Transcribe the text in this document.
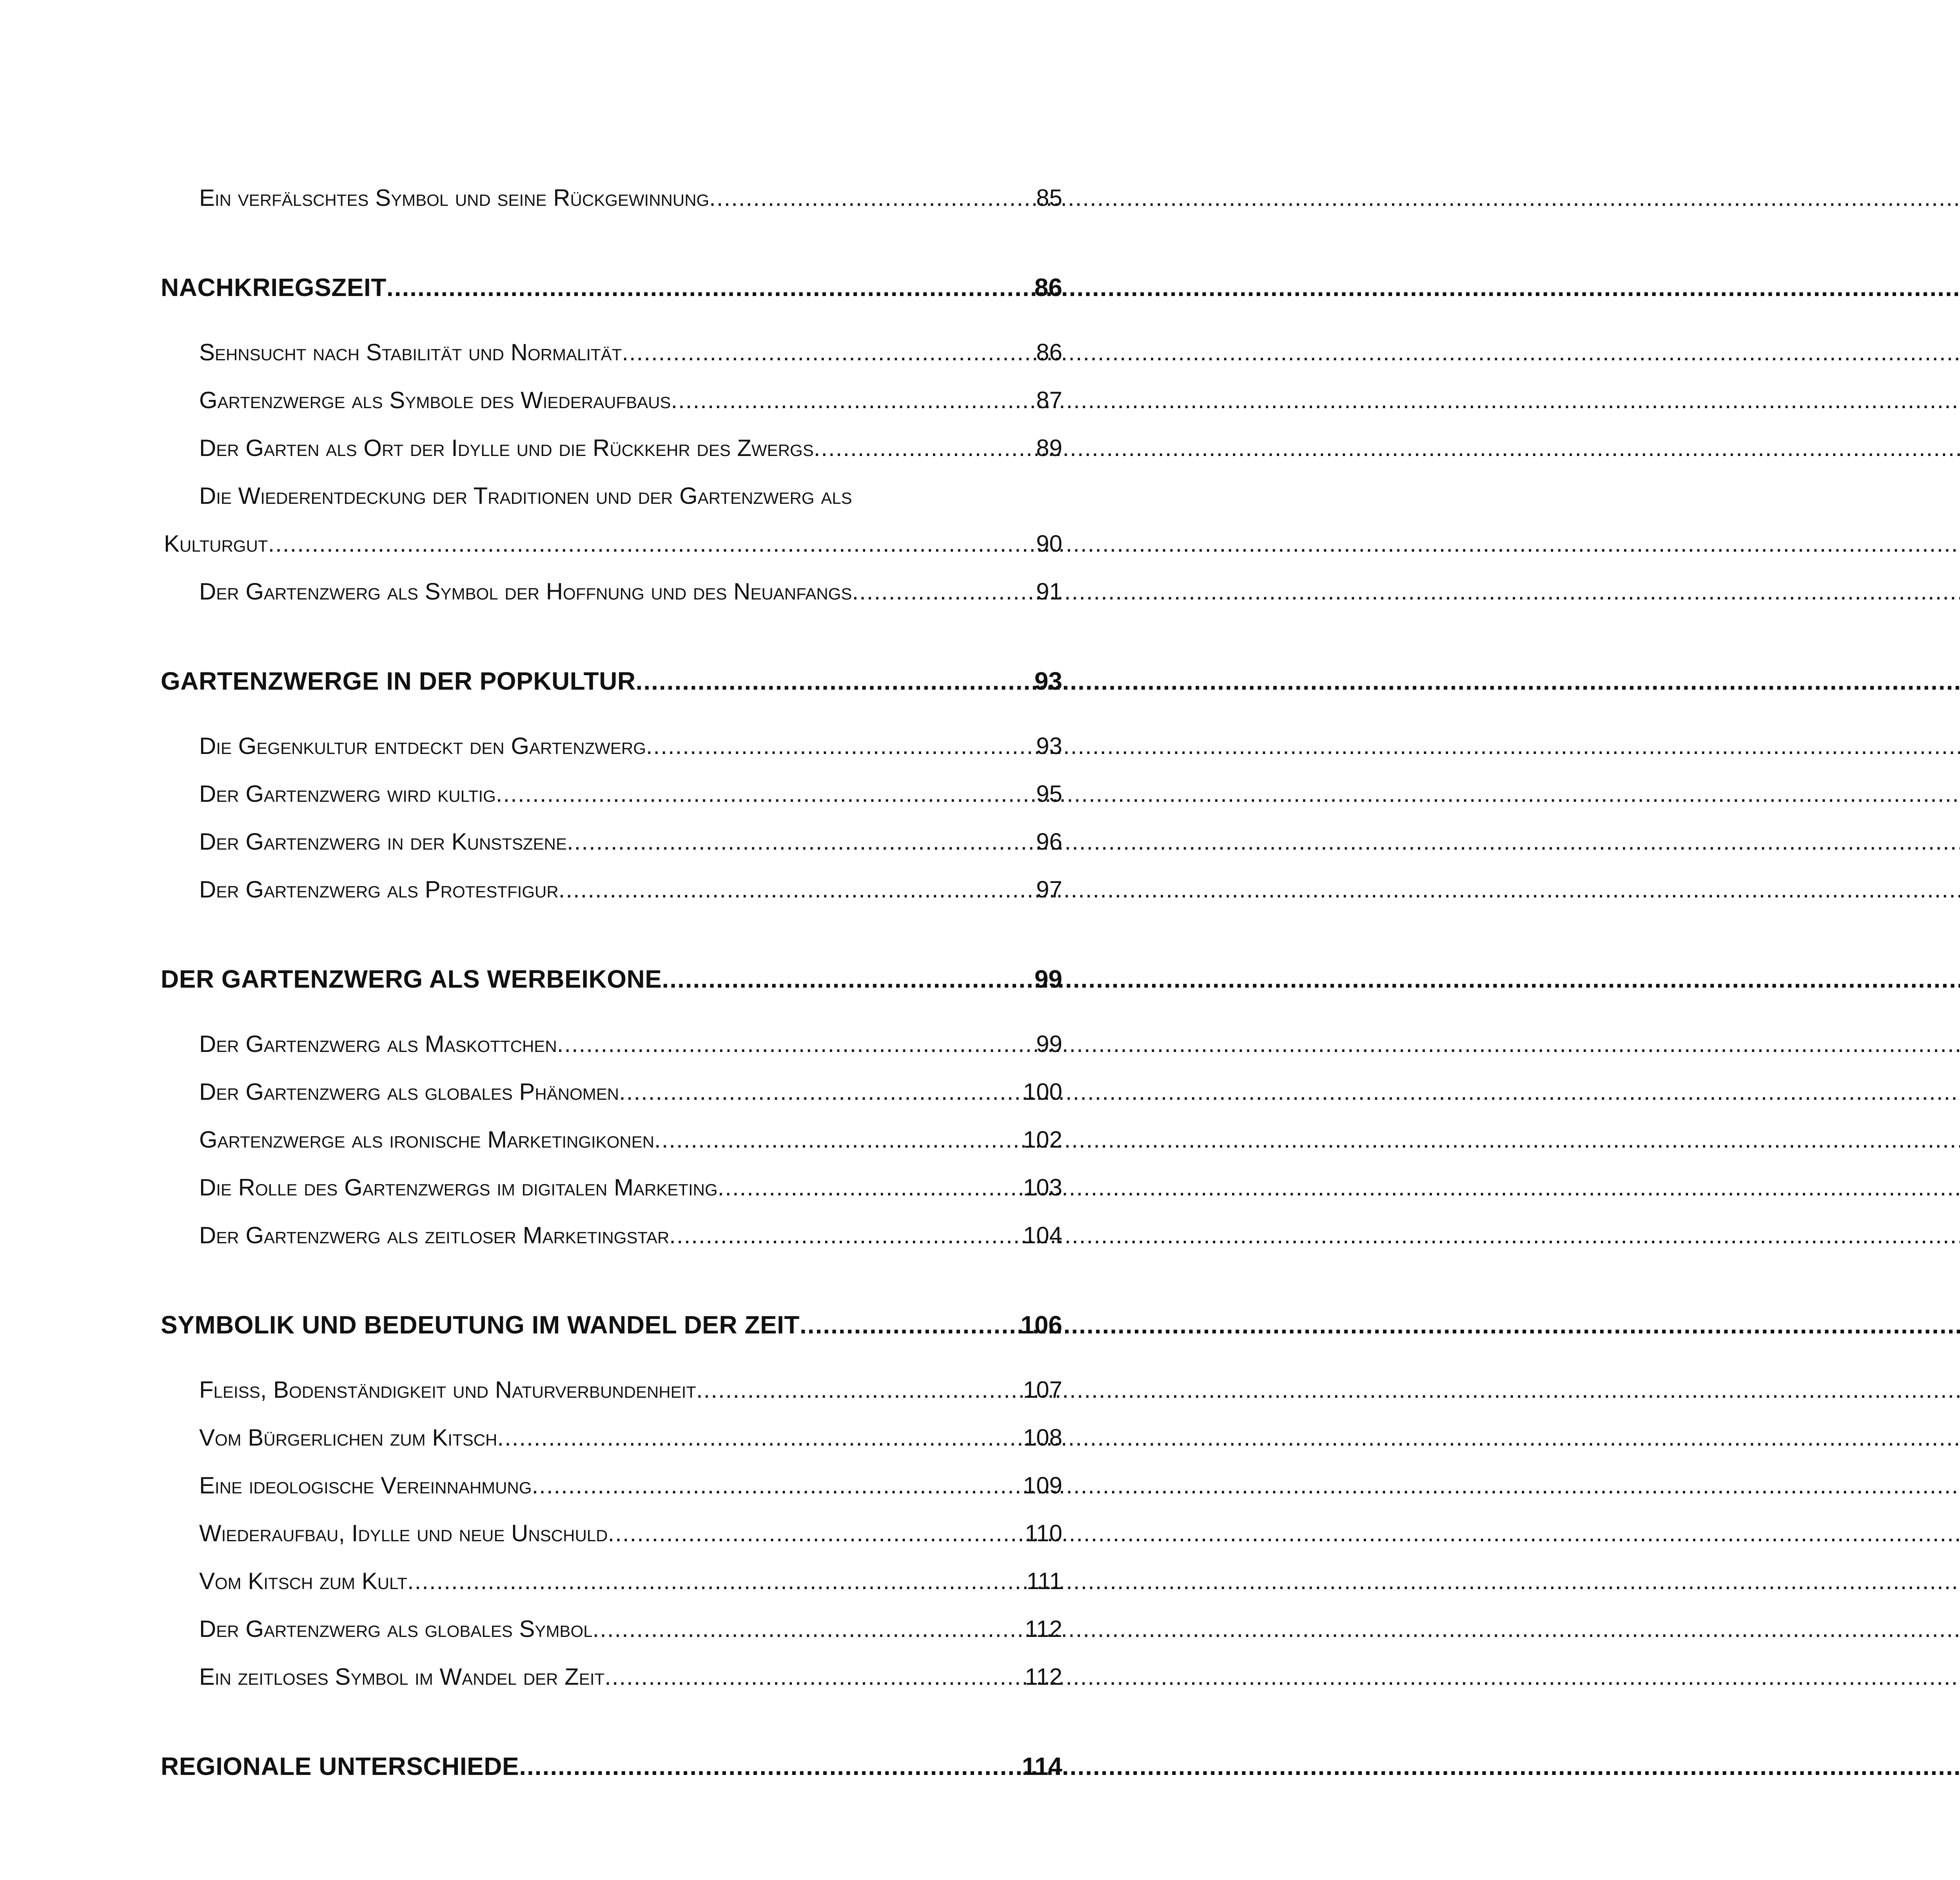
Ein verfälschtes Symbol und seine Rückgewinnung .....	85
NACHKRIEGSZEIT .....	86
Sehnsucht nach Stabilität und Normalität .....	86
Gartenzwerge als Symbole des Wiederaufbaus .....	87
Der Garten als Ort der Idylle und die Rückkehr des Zwergs .....	89
Die Wiederentdeckung der Traditionen und der Gartenzwerg als
Kulturgut .....	90
Der Gartenzwerg als Symbol der Hoffnung und des Neuanfangs .....	91
GARTENZWERGE IN DER POPKULTUR .....	93
Die Gegenkultur entdeckt den Gartenzwerg .....	93
Der Gartenzwerg wird kultig .....	95
Der Gartenzwerg in der Kunstszene .....	96
Der Gartenzwerg als Protestfigur .....	97
DER GARTENZWERG ALS WERBEIKONE .....	99
Der Gartenzwerg als Maskottchen .....	99
Der Gartenzwerg als globales Phänomen .....	100
Gartenzwerge als ironische Marketingikonen .....	102
Die Rolle des Gartenzwergs im digitalen Marketing .....	103
Der Gartenzwerg als zeitloser Marketingstar .....	104
SYMBOLIK UND BEDEUTUNG IM WANDEL DER ZEIT .....	106
Fleiß, Bodenständigkeit und Naturverbundenheit .....	107
Vom Bürgerlichen zum Kitsch .....	108
Eine ideologische Vereinnahmung .....	109
Wiederaufbau, Idylle und neue Unschuld .....	110
Vom Kitsch zum Kult .....	111
Der Gartenzwerg als globales Symbol .....	112
Ein zeitloses Symbol im Wandel der Zeit .....	112
REGIONALE UNTERSCHIEDE .....	114
